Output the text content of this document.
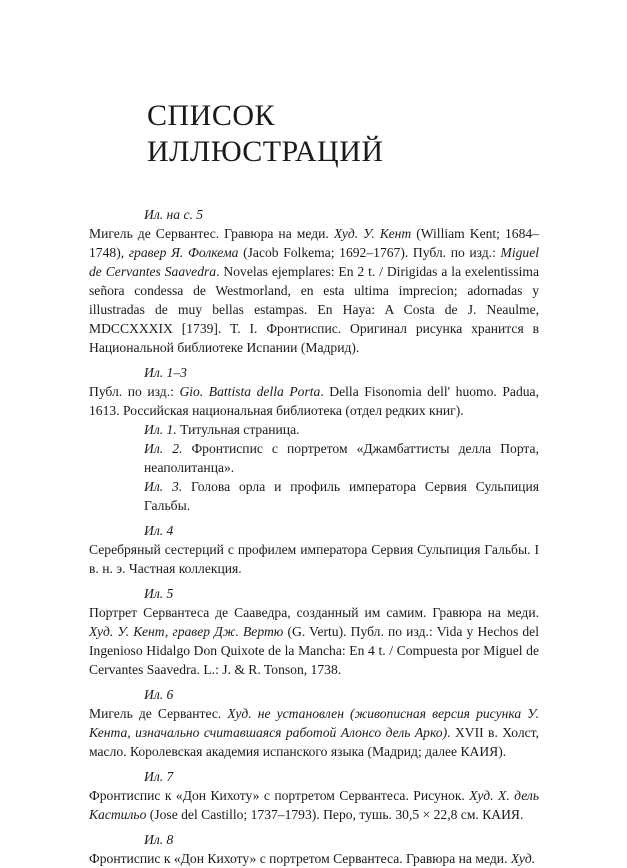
СПИСОК
ИЛЛЮСТРАЦИЙ
Ил. на с. 5
Мигель де Сервантес. Гравюра на меди. Худ. У. Кент (William Kent; 1684–1748), гравер Я. Фолкема (Jacob Folkema; 1692–1767). Публ. по изд.: Miguel de Cervantes Saavedra. Novelas ejemplares: En 2 t. / Dirigidas a la exelentissima señora condessa de Westmorland, en esta ultima imprecion; adornadas y illustradas de muy bellas estampas. En Haya: A Costa de J. Neaulme, MDCCXXXIX [1739]. T. I. Фронтиспис. Оригинал рисунка хранится в Национальной библиотеке Испании (Мадрид).
Ил. 1–3
Публ. по изд.: Gio. Battista della Porta. Della Fisonomia dell' huomo. Padua, 1613. Российская национальная библиотека (отдел редких книг).
Ил. 1. Титульная страница.
Ил. 2. Фронтиспис с портретом «Джамбаттисты делла Порта, неаполитанца».
Ил. 3. Голова орла и профиль императора Сервия Сульпиция Гальбы.
Ил. 4
Серебряный сестерций с профилем императора Сервия Сульпиция Гальбы. I в. н. э. Частная коллекция.
Ил. 5
Портрет Сервантеса де Сааведра, созданный им самим. Гравюра на меди. Худ. У. Кент, гравер Дж. Вертю (G. Vertu). Публ. по изд.: Vida y Hechos del Ingenioso Hidalgo Don Quixote de la Mancha: En 4 t. / Compuesta por Miguel de Cervantes Saavedra. L.: J. & R. Tonson, 1738.
Ил. 6
Мигель де Сервантес. Худ. не установлен (живописная версия рисунка У. Кента, изначально считавшаяся работой Алонсо дель Арко). XVII в. Холст, масло. Королевская академия испанского языка (Мадрид; далее КАИЯ).
Ил. 7
Фронтиспис к «Дон Кихоту» с портретом Сервантеса. Рисунок. Худ. Х. дель Кастильо (Jose del Castillo; 1737–1793). Перо, тушь. 30,5 × 22,8 см. КАИЯ.
Ил. 8
Фронтиспис к «Дон Кихоту» с портретом Сервантеса. Гравюра на меди. Худ.
